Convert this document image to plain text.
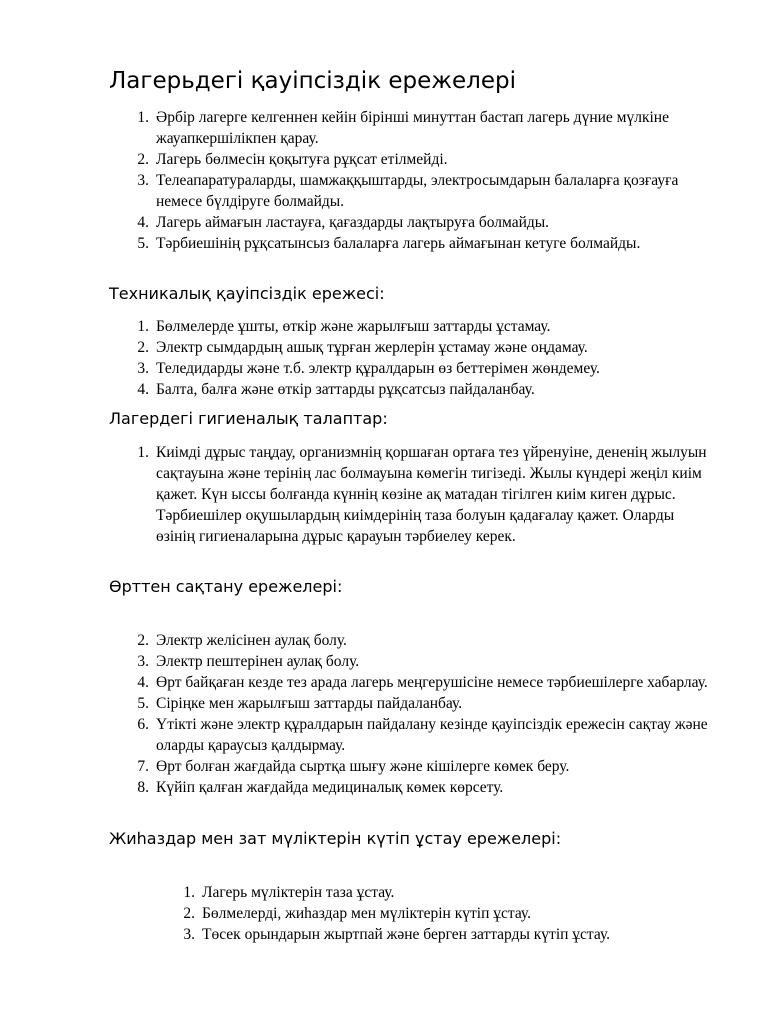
Лагерьдегі қауіпсіздік ережелері
1. Әрбір лагерге келгеннен кейін бірінші минуттан бастап лагерь дүние мүлкіне жауапкершілікпен қарау.
2. Лагерь бөлмесін қоқытуға рұқсат етілмейді.
3. Телеапаратураларды, шамжаққыштарды, электросымдарын балаларға қозғауға немесе бүлдіруге болмайды.
4. Лагерь аймағын ластауға, қағаздарды лақтыруға болмайды.
5. Тәрбиешінің рұқсатынсыз балаларға лагерь аймағынан кетуге болмайды.
Техникалық қауіпсіздік ережесі:
1. Бөлмелерде ұшты, өткір және жарылғыш заттарды ұстамау.
2. Электр сымдардың ашық тұрған жерлерін ұстамау және оңдамау.
3. Теледидарды және т.б. электр құралдарын өз беттерімен жөндемеу.
4. Балта, балға және өткір заттарды рұқсатсыз пайдаланбау.
Лагердегі гигиеналық талаптар:
1. Киімді дұрыс таңдау, организмнің қоршаған ортаға тез үйренуіне, дененің жылуын сақтауына және терінің лас болмауына көмегін тигізеді. Жылы күндері жеңіл киім қажет. Күн ыссы болғанда күннің көзіне ақ матадан тігілген киім киген дұрыс. Тәрбиешілер оқушылардың киімдерінің таза болуын қадағалау қажет. Оларды өзінің гигиеналарына дұрыс қарауын тәрбиелеу керек.
Өрттен сақтану ережелері:
2. Электр желісінен аулақ болу.
3. Электр пештерінен аулақ болу.
4. Өрт байқаған кезде тез арада лагерь меңгерушісіне немесе тәрбиешілерге хабарлау.
5. Сіріңке мен жарылғыш заттарды пайдаланбау.
6. Үтікті және электр құралдарын пайдалану кезінде қауіпсіздік ережесін сақтау және оларды қараусыз қалдырмау.
7. Өрт болған жағдайда сыртқа шығу және кішілерге көмек беру.
8. Күйіп қалған жағдайда медициналық көмек көрсету.
Жиһаздар мен зат мүліктерін күтіп ұстау ережелері:
1. Лагерь мүліктерін таза ұстау.
2. Бөлмелерді, жиһаздар мен мүліктерін күтіп ұстау.
3. Төсек орындарын жыртпай және берген заттарды күтіп ұстау.
